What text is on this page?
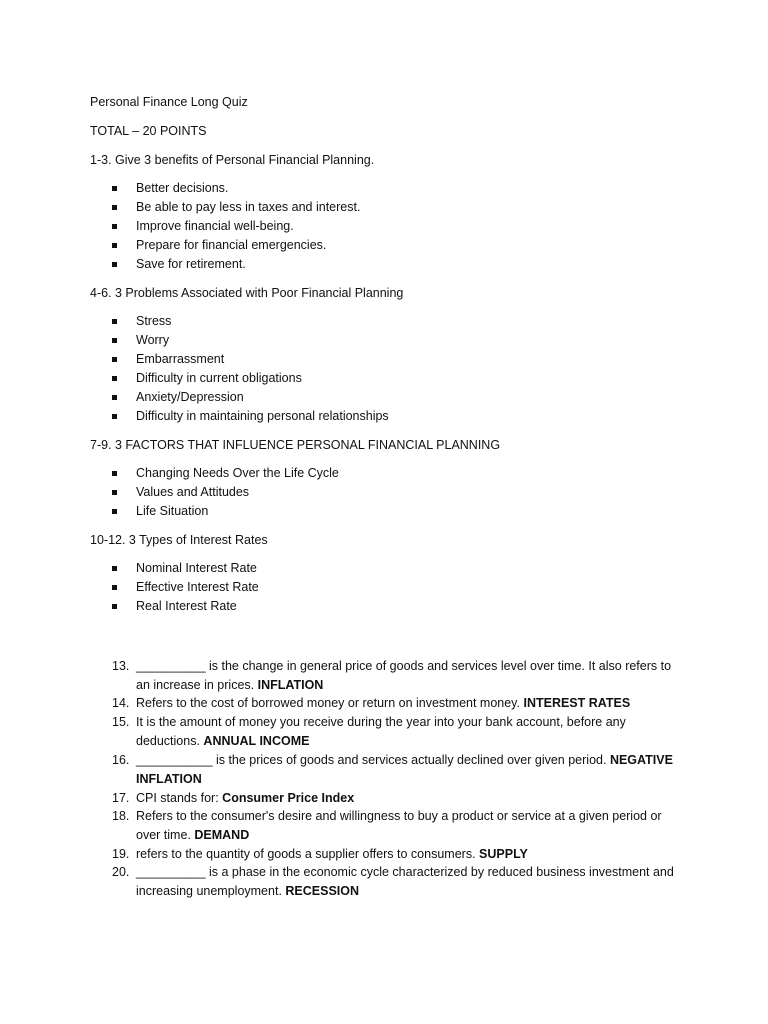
Personal Finance Long Quiz
TOTAL – 20 POINTS
1-3. Give 3 benefits of Personal Financial Planning.
Better decisions.
Be able to pay less in taxes and interest.
Improve financial well-being.
Prepare for financial emergencies.
Save for retirement.
4-6. 3 Problems Associated with Poor Financial Planning
Stress
Worry
Embarrassment
Difficulty in current obligations
Anxiety/Depression
Difficulty in maintaining personal relationships
7-9. 3 FACTORS THAT INFLUENCE PERSONAL FINANCIAL PLANNING
Changing Needs Over the Life Cycle
Values and Attitudes
Life Situation
10-12. 3 Types of Interest Rates
Nominal Interest Rate
Effective Interest Rate
Real Interest Rate
13. __________ is the change in general price of goods and services level over time. It also refers to an increase in prices. INFLATION
14. Refers to the cost of borrowed money or return on investment money. INTEREST RATES
15. It is the amount of money you receive during the year into your bank account, before any deductions. ANNUAL INCOME
16. ___________ is the prices of goods and services actually declined over given period. NEGATIVE INFLATION
17. CPI stands for: Consumer Price Index
18. Refers to the consumer's desire and willingness to buy a product or service at a given period or over time. DEMAND
19. refers to the quantity of goods a supplier offers to consumers. SUPPLY
20. __________ is a phase in the economic cycle characterized by reduced business investment and increasing unemployment. RECESSION
